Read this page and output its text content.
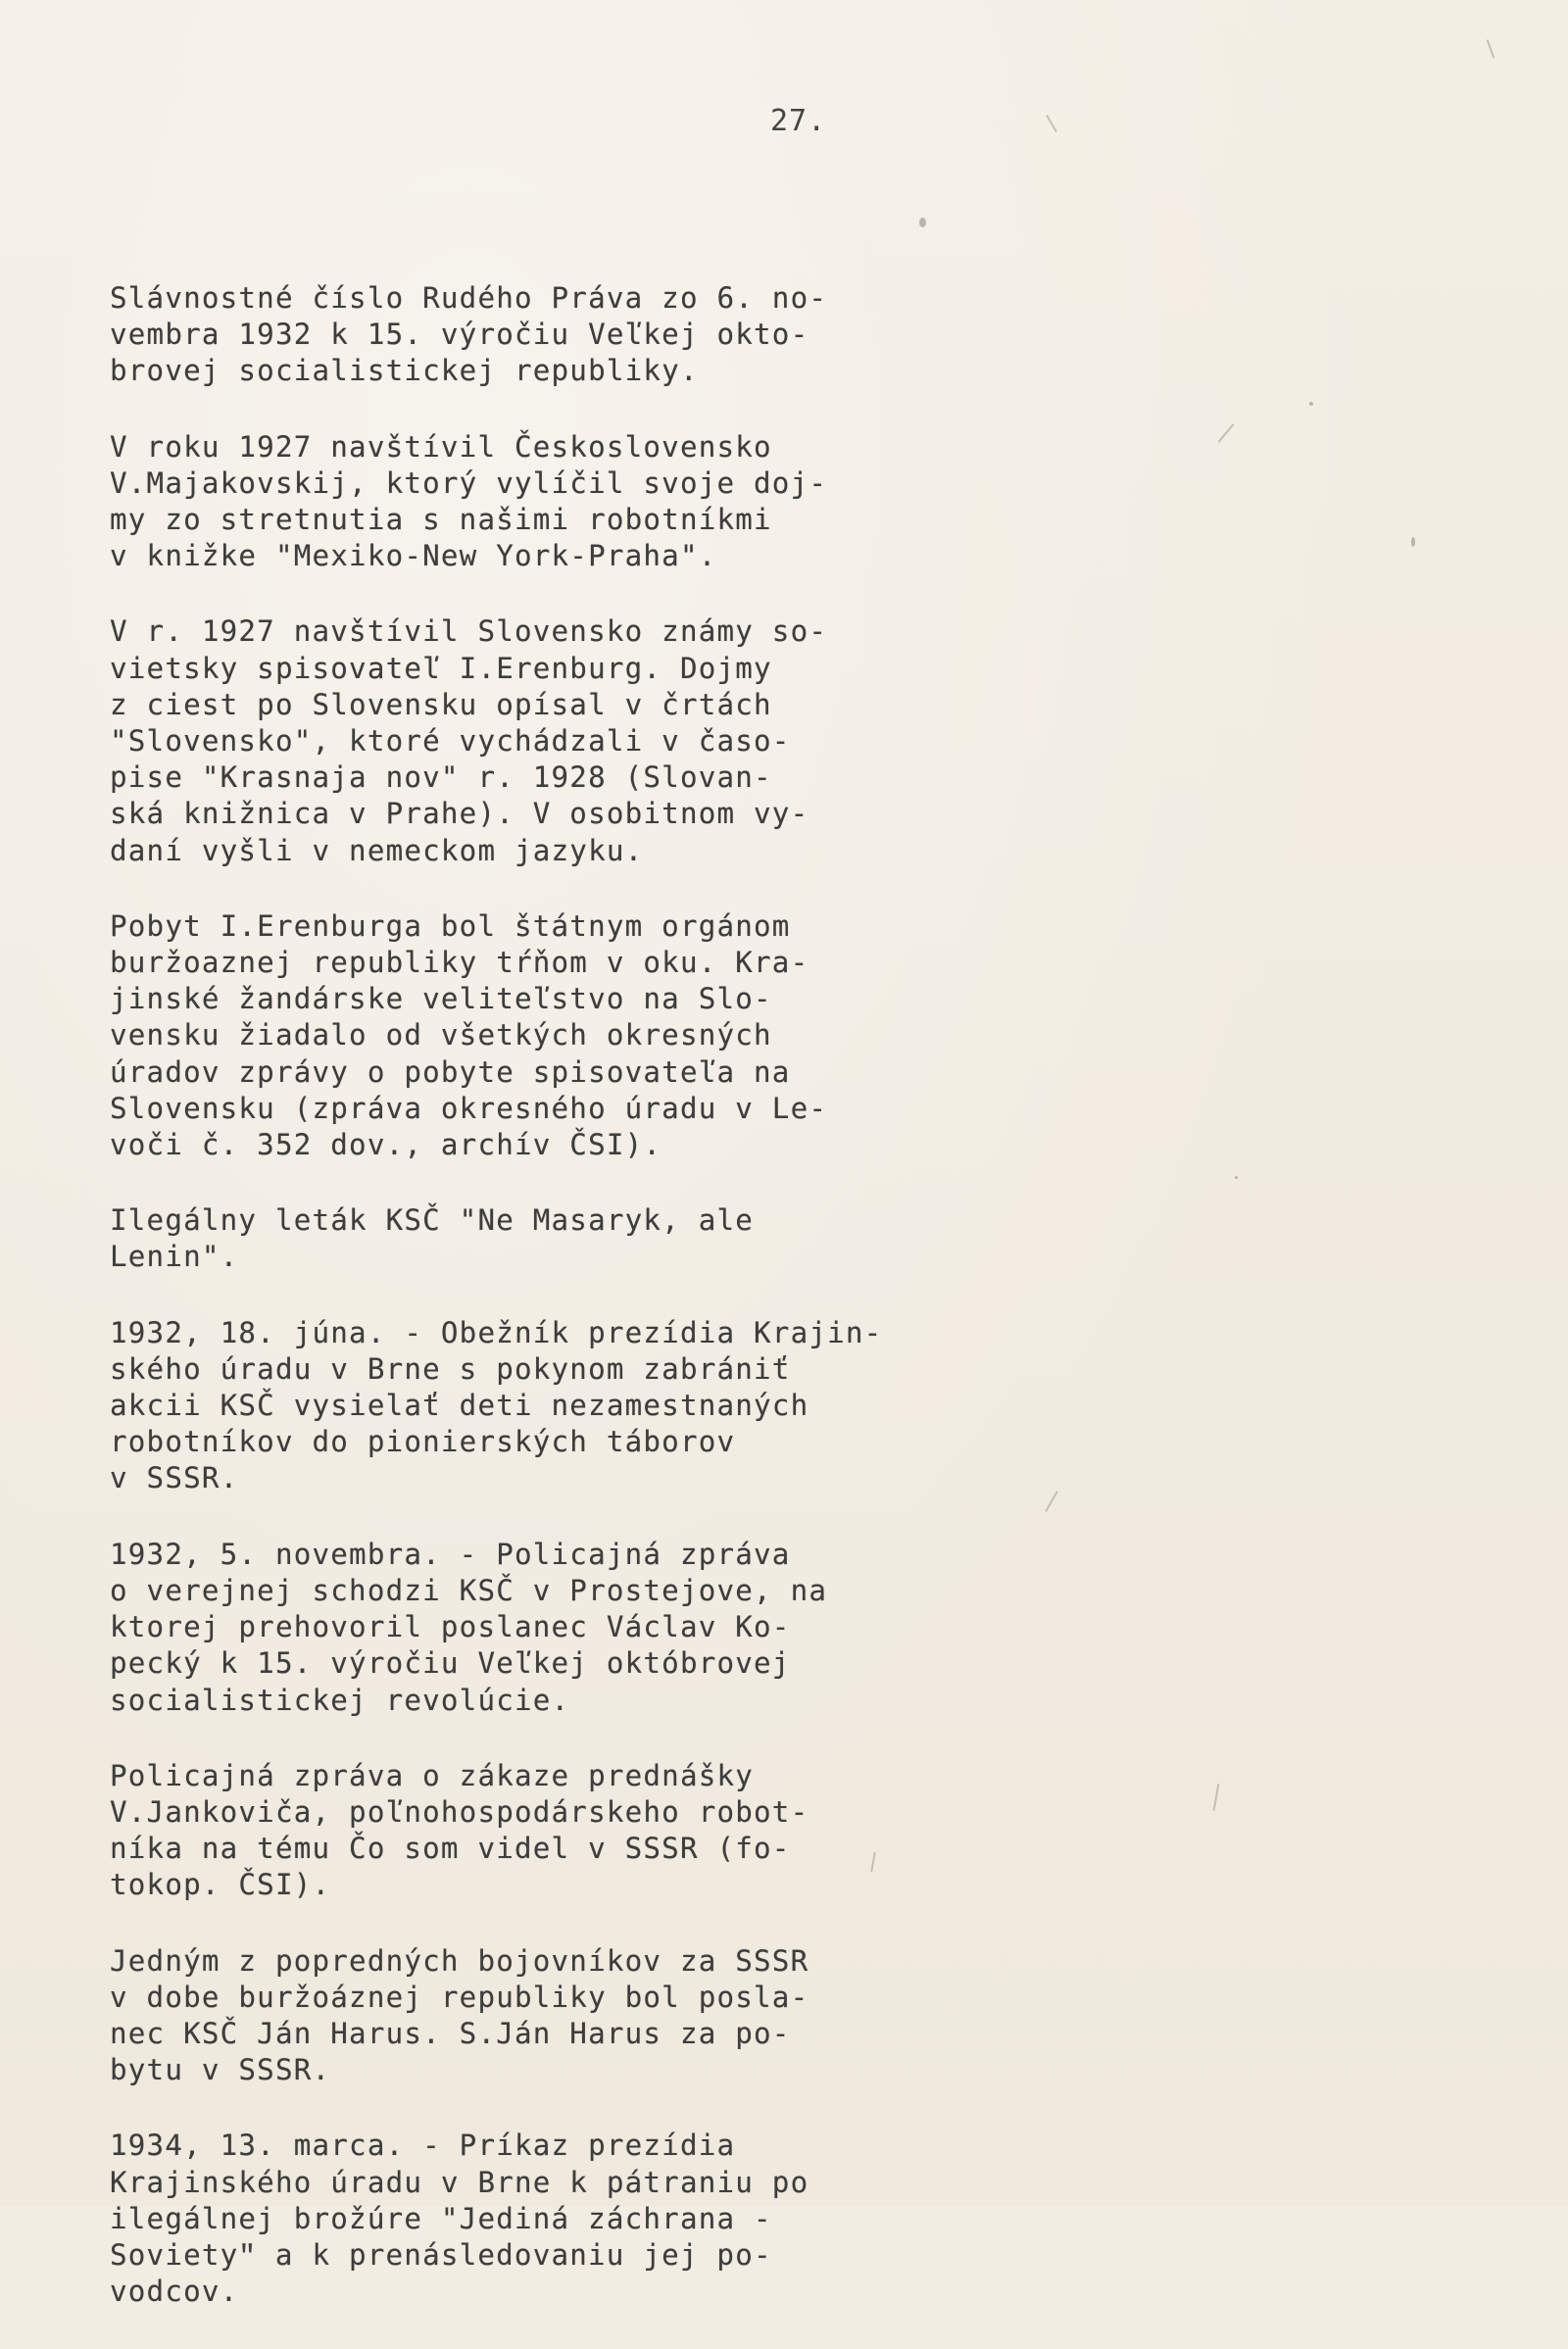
27.
Slávnostné číslo Rudého Práva zo 6. no-
vembra 1932 k 15. výročiu Veľkej okto-
brovej socialistickej republiky.
V roku 1927 navštívil Československo
V.Majakovskij, ktorý vylíčil svoje doj-
my zo stretnutia s našimi robotníkmi
v knižke "Mexiko-New York-Praha".
V r. 1927 navštívil Slovensko známy so-
vietsky spisovateľ I.Erenburg. Dojmy
z ciest po Slovensku opísal v črtách
"Slovensko", ktoré vychádzali v časo-
pise "Krasnaja nov" r. 1928 (Slovan-
ská knižnica v Prahe). V osobitnom vy-
daní vyšli v nemeckom jazyku.
Pobyt I.Erenburga bol štátnym orgánom
buržoaznej republiky tŕňom v oku. Kra-
jinské žandárske veliteľstvo na Slo-
vensku žiadalo od všetkých okresných
úradov zprávy o pobyte spisovateľa na
Slovensku (zpráva okresného úradu v Le-
voči č. 352 dov., archív ČSI).
Ilegálny leták KSČ "Ne Masaryk, ale
Lenin".
1932, 18. júna. - Obežník prezídia Krajin-
ského úradu v Brne s pokynom zabrániť
akcii KSČ vysielať deti nezamestnaných
robotníkov do pionierských táborov
v SSSR.
1932, 5. novembra. - Policajná zpráva
o verejnej schodzi KSČ v Prostejove, na
ktorej prehovoril poslanec Václav Ko-
pecký k 15. výročiu Veľkej októbrovej
socialistickej revolúcie.
Policajná zpráva o zákaze prednášky
V.Jankoviča, poľnohospodárskeho robot-
níka na tému Čo som videl v SSSR (fo-
tokop. ČSI).
Jedným z popredných bojovníkov za SSSR
v dobe buržoáznej republiky bol posla-
nec KSČ Ján Harus. S.Ján Harus za po-
bytu v SSSR.
1934, 13. marca. - Príkaz prezídia
Krajinského úradu v Brne k pátraniu po
ilegálnej brožúre "Jediná záchrana -
Sovietyʺ a k prenásledovaniu jej po-
vodcov.
